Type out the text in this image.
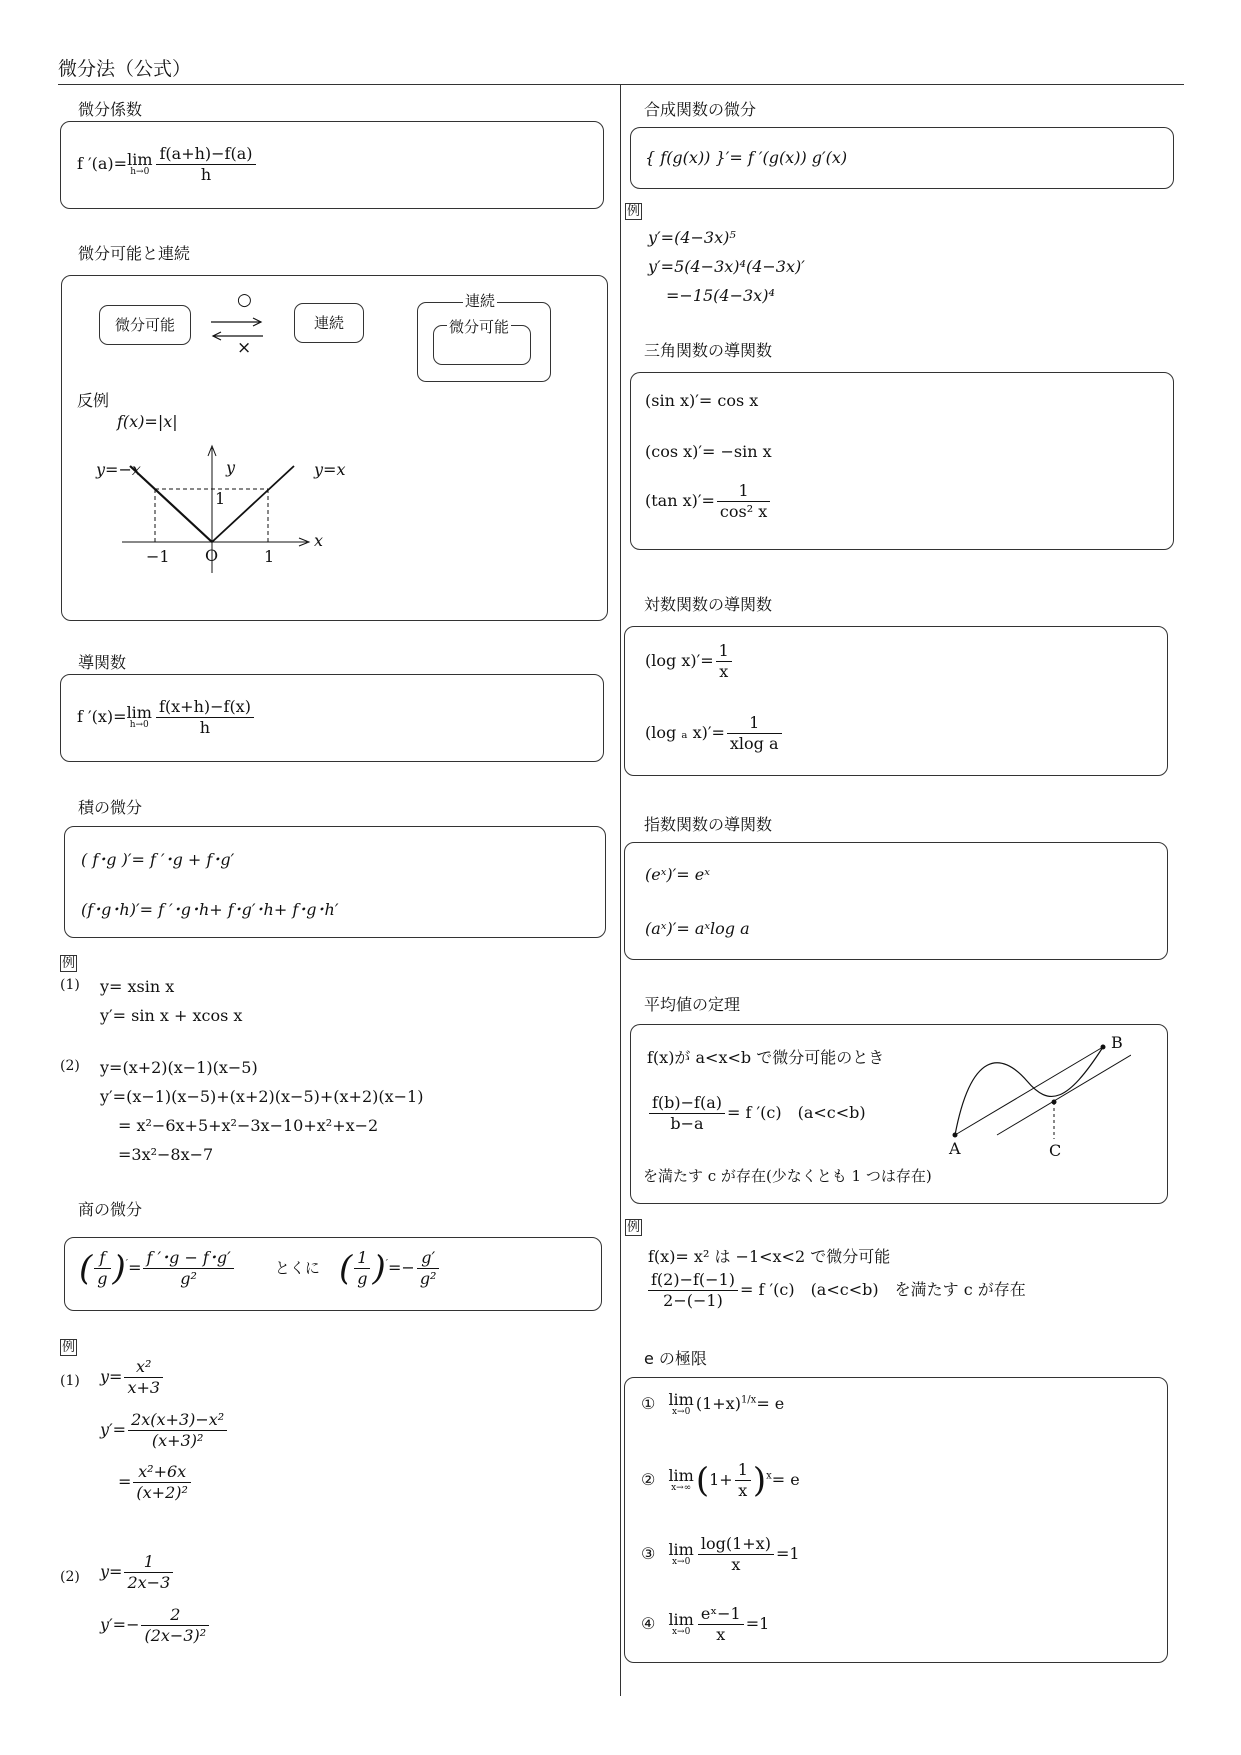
微分法（公式）
微分係数
f ′(a)= lim
$h\to 0 \frac{f(a+h)-f(a)}{h}$
微分可能と連続
微分可能
○
×
連続
連続
微分可能
反例
f(x)=|x|
y=−x	y=x
y
x
1
−1 O	1
導関数
f ′(x)= lim
$h\to 0 \frac{f(x+h)-f(x)}{h}$
積の微分
( f･g )′= f ′･g + f･g′
(f･g･h)′= f ′･g･h+ f･g′･h+ f･g･h′
例
(1) y= xsin x
y′= sin x + xcos x
(2) y=(x+2)(x−1)(x−5)
y′=(x−1)(x−5)+(x+2)(x−5)+(x+2)(x−1)
= x²−6x+5+x²−3x−10+x²+x−2
=3x²−8x−7
商の微分
( $\frac{f}{g} )'= \frac{f '･g - f･g'}{\text{g²}}$	とくに ( $\frac{1}{g} )'=- \frac{g'}{\text{g²}}$
例
(1) $y= \frac{\text{x²}}{x+3}$
$y'= \frac{\text{2x(x+3)−x²}}{\text{(x+3)²}}$
= $\frac{\text{x²+6x}}{\text{(x+2)²}}$
(2) $y= \frac{1}{2x-3}$
$y'=- \frac{2}{\text{(2x−3)²}}$
合成関数の微分
{ f(g(x)) }′= f ′(g(x)) g′(x)
例
y′=(4−3x)⁵
y′=5(4−3x)⁴(4−3x)′
=−15(4−3x)⁴
三角関数の導関数
(sin x)′= cos x
(cos x)′= −sin x
(tan $x)'= \frac{1}{\text{cos² x}}$
対数関数の導関数
(log $x)'= \frac{1}{x}$
(log ₐ $x)'= \frac{1}{\text{xlog a}}$
指数関数の導関数
(eˣ)′= eˣ
(aˣ)′= aˣlog a
平均値の定理
f(x)が a<x<b で微分可能のとき
$\frac{f(b)-f(a)}{b-a} = f$ ′(c)　(a<c<b)
を満たす c が存在(少なくとも 1 つは存在)
A
B
C
例
f(x)= x² は −1<x<2 で微分可能
$\frac{f(2)-f(-1)}{2-(-1)} = f$ ′(c)　(a<c<b)　を満たす c が存在
e の極限
① lim
x→0 $(1+x)^{1/x}= e$
② lim
x→∞ $(1+ \frac{1}{x} )^x= e$
③ lim
$x\to 0 \frac{\log(1+x)}{x} =1$
④ lim
$x\to 0 \frac{\text{eˣ−1}}{x} =1$
